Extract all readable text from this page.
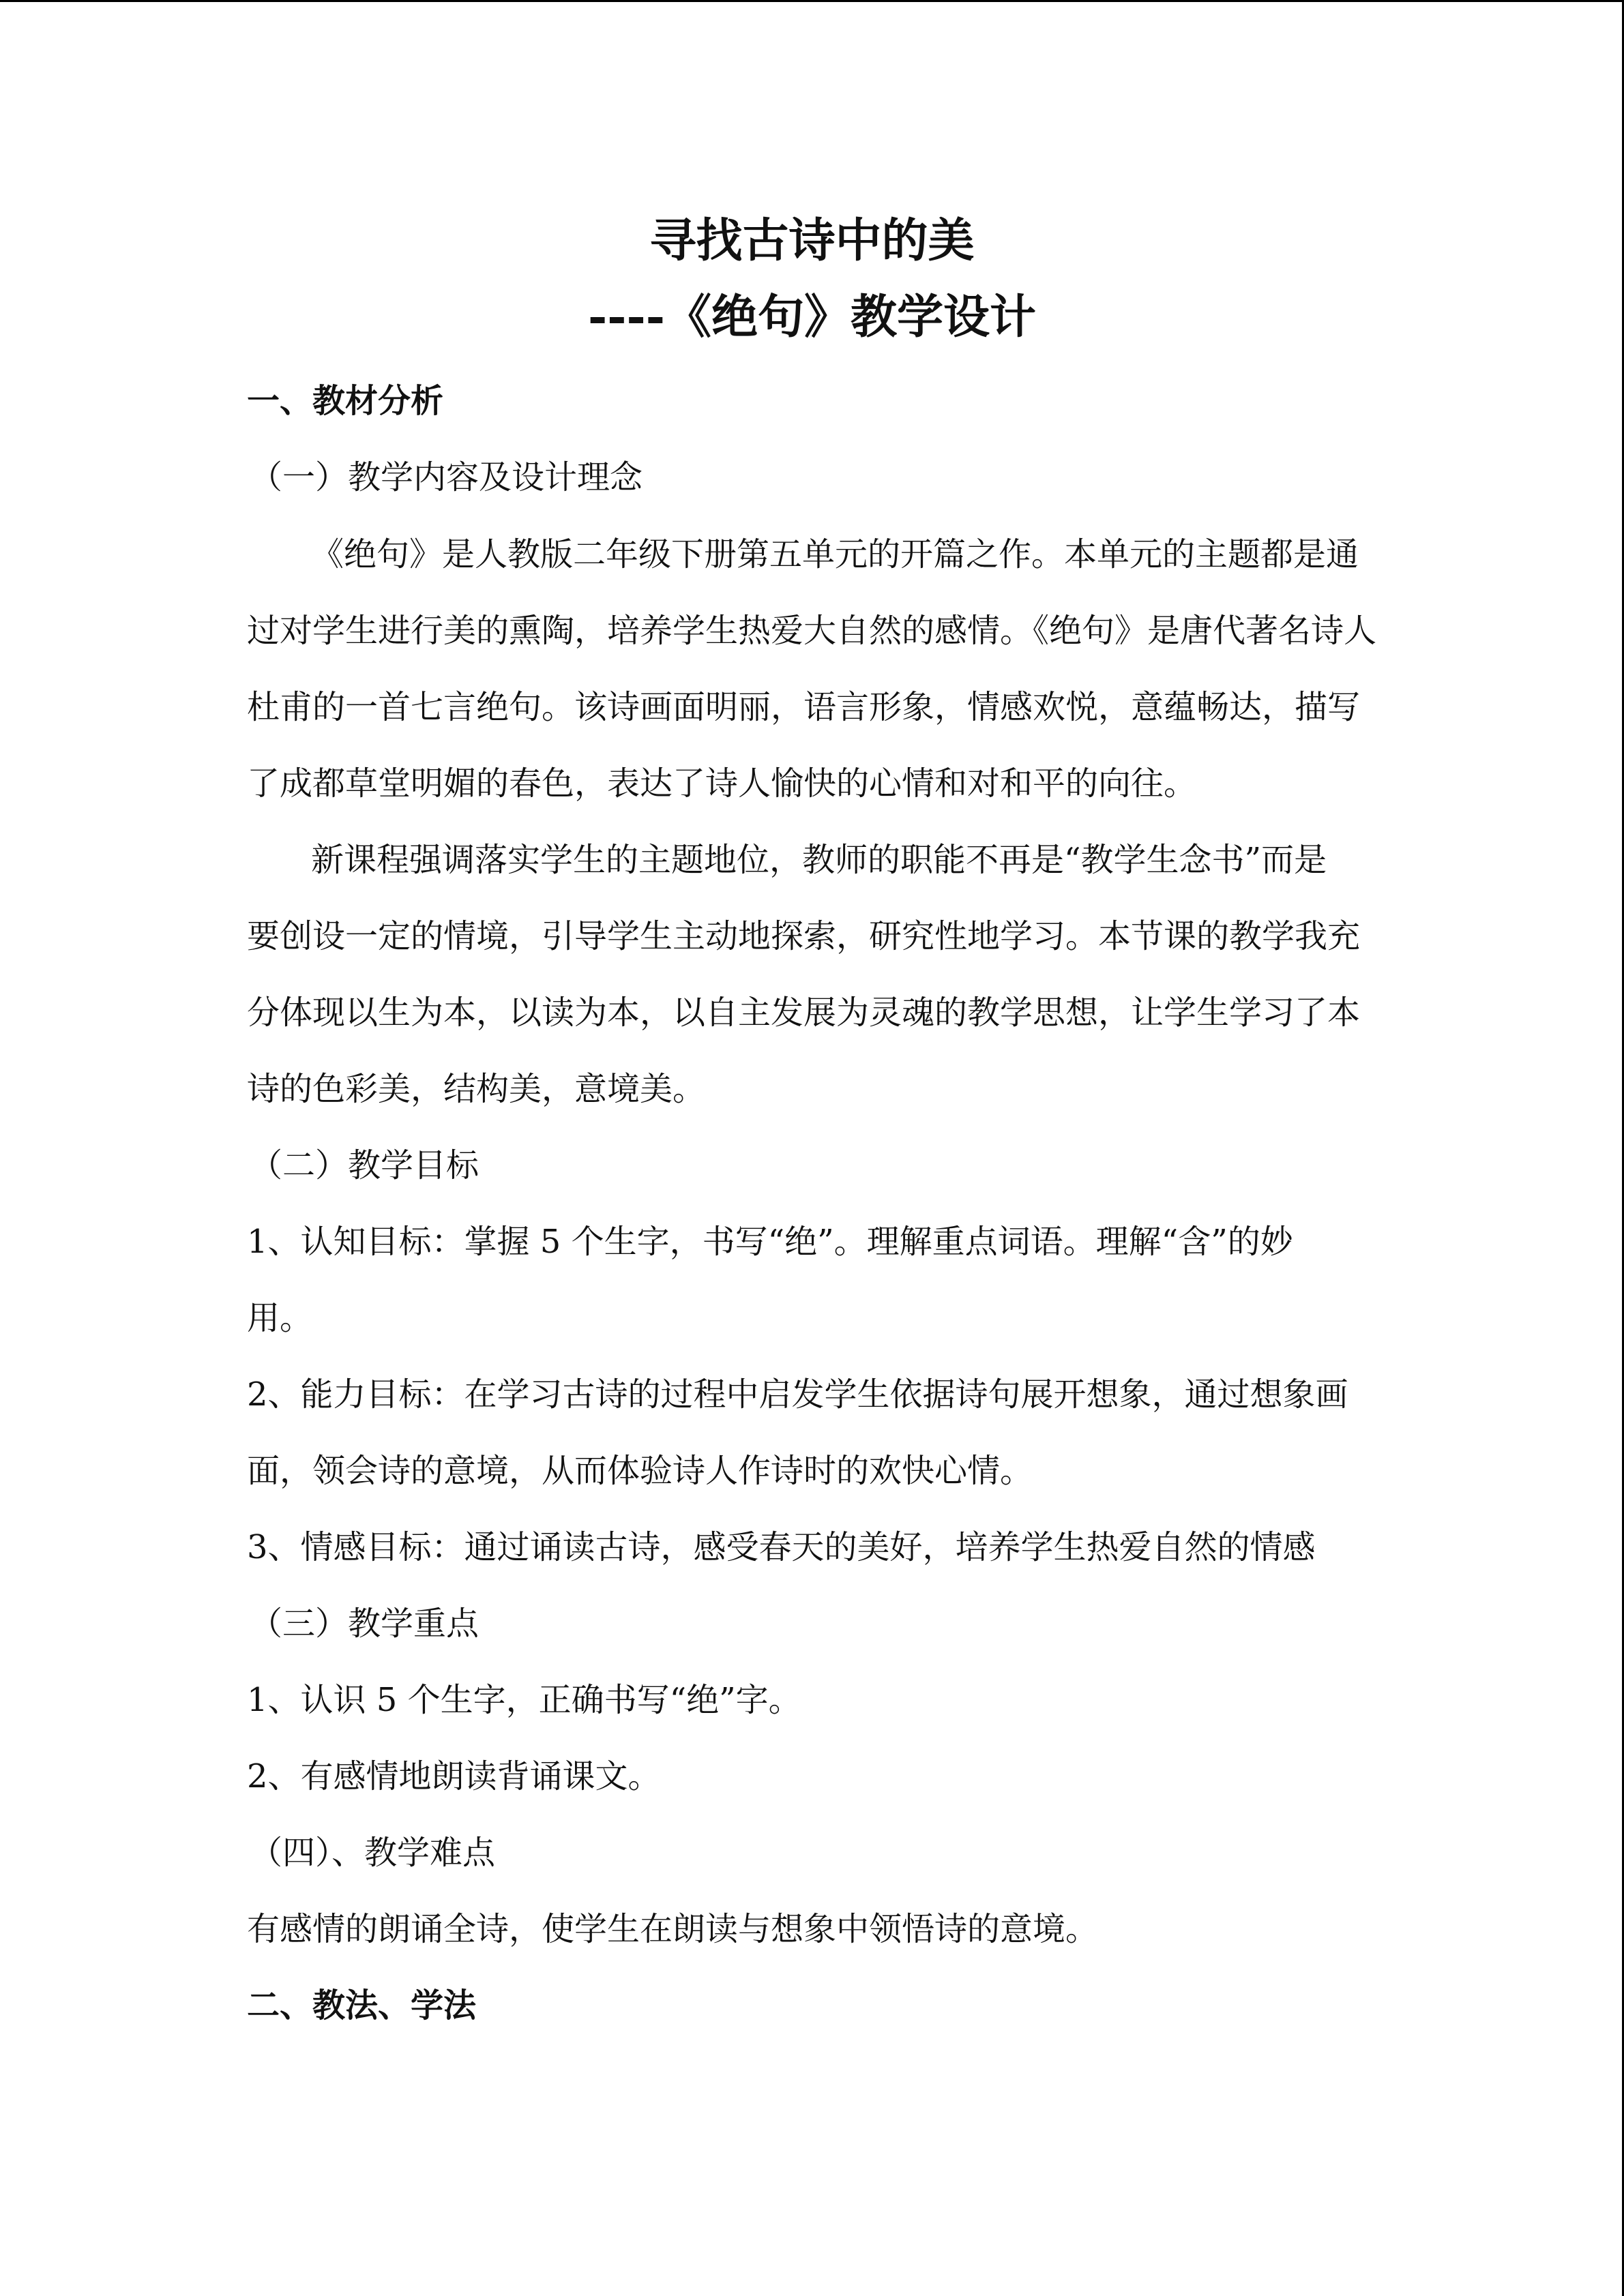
寻找古诗中的美
----《绝句》教学设计
一、教材分析
（一）教学内容及设计理念
《绝句》是人教版二年级下册第五单元的开篇之作。本单元的主题都是通
过对学生进行美的熏陶，培养学生热爱大自然的感情。《绝句》是唐代著名诗人
杜甫的一首七言绝句。该诗画面明丽，语言形象，情感欢悦，意蕴畅达，描写
了成都草堂明媚的春色，表达了诗人愉快的心情和对和平的向往。
新课程强调落实学生的主题地位，教师的职能不再是“教学生念书”而是
要创设一定的情境，引导学生主动地探索，研究性地学习。本节课的教学我充
分体现以生为本，以读为本，以自主发展为灵魂的教学思想，让学生学习了本
诗的色彩美，结构美，意境美。
（二）教学目标
1、认知目标：掌握 5 个生字，书写“绝”。理解重点词语。理解“含”的妙
用。
2、能力目标：在学习古诗的过程中启发学生依据诗句展开想象，通过想象画
面，领会诗的意境，从而体验诗人作诗时的欢快心情。
3、情感目标：通过诵读古诗，感受春天的美好，培养学生热爱自然的情感
（三）教学重点
1、认识 5 个生字，正确书写“绝”字。
2、有感情地朗读背诵课文。
（四）、教学难点
有感情的朗诵全诗，使学生在朗读与想象中领悟诗的意境。
二、教法、学法
